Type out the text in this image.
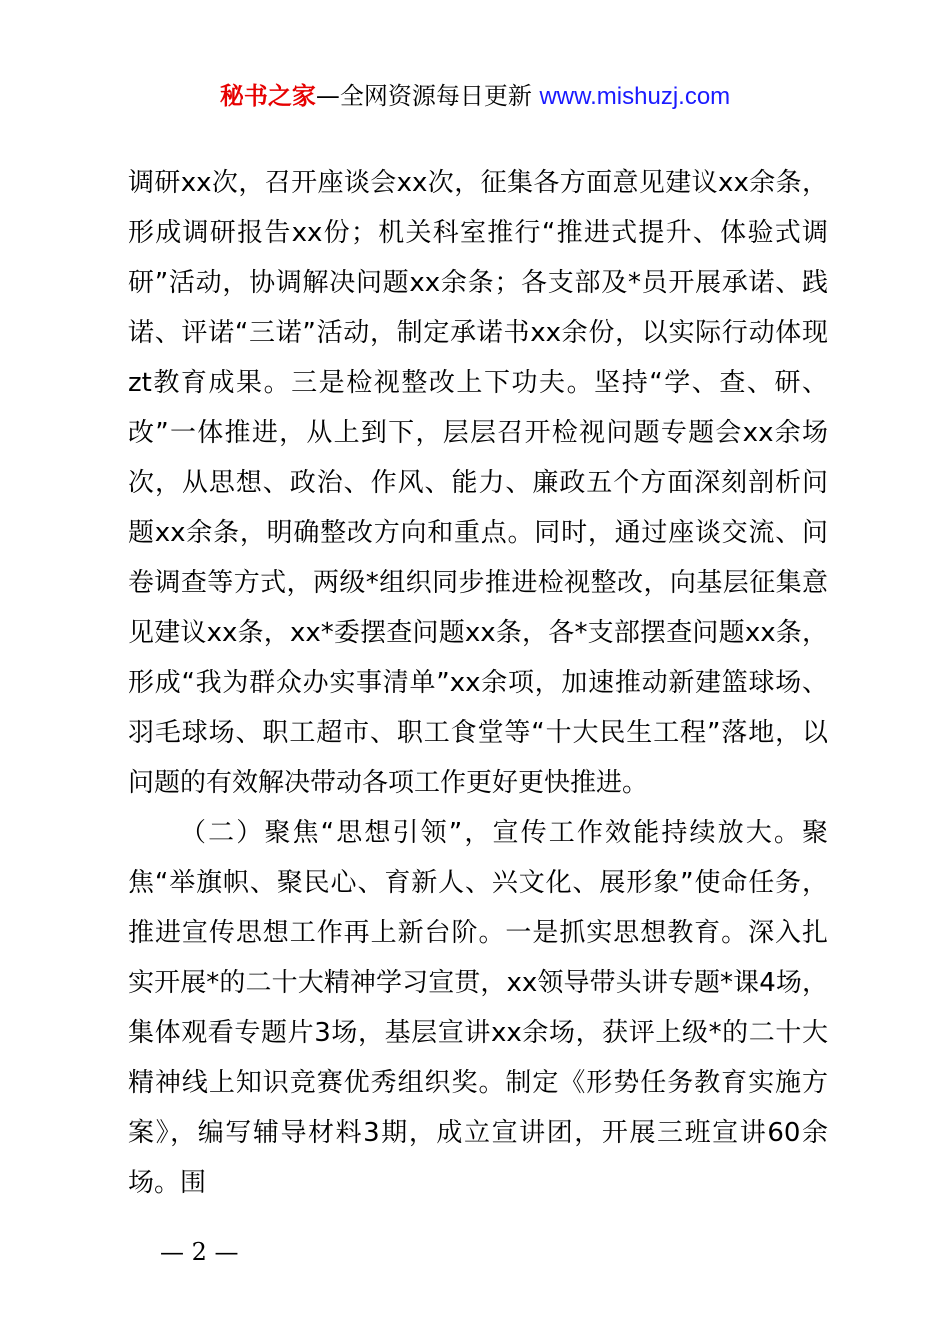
秘书之家—全网资源每日更新 www.mishuzj.com

调研xx次，召开座谈会xx次，征集各方面意见建议xx余条，形成调研报告xx份；机关科室推行“推进式提升、体验式调研”活动，协调解决问题xx余条；各支部及*员开展承诺、践诺、评诺“三诺”活动，制定承诺书xx余份，以实际行动体现zt教育成果。三是检视整改上下功夫。坚持“学、查、研、改”一体推进，从上到下，层层召开检视问题专题会xx余场次，从思想、政治、作风、能力、廉政五个方面深刻剖析问题xx余条，明确整改方向和重点。同时，通过座谈交流、问卷调查等方式，两级*组织同步推进检视整改，向基层征集意见建议xx条，xx*委摆查问题xx条，各*支部摆查问题xx条，形成“我为群众办实事清单”xx余项，加速推动新建篮球场、羽毛球场、职工超市、职工食堂等“十大民生工程”落地，以问题的有效解决带动各项工作更好更快推进。

（二）聚焦“思想引领”，宣传工作效能持续放大。聚焦“举旗帜、聚民心、育新人、兴文化、展形象”使命任务，推进宣传思想工作再上新台阶。一是抓实思想教育。深入扎实开展*的二十大精神学习宣贯，xx领导带头讲专题*课4场，集体观看专题片3场，基层宣讲xx余场，获评上级*的二十大精神线上知识竞赛优秀组织奖。制定《形势任务教育实施方案》，编写辅导材料3期，成立宣讲团，开展三班宣讲60余场。围

— 2 —
